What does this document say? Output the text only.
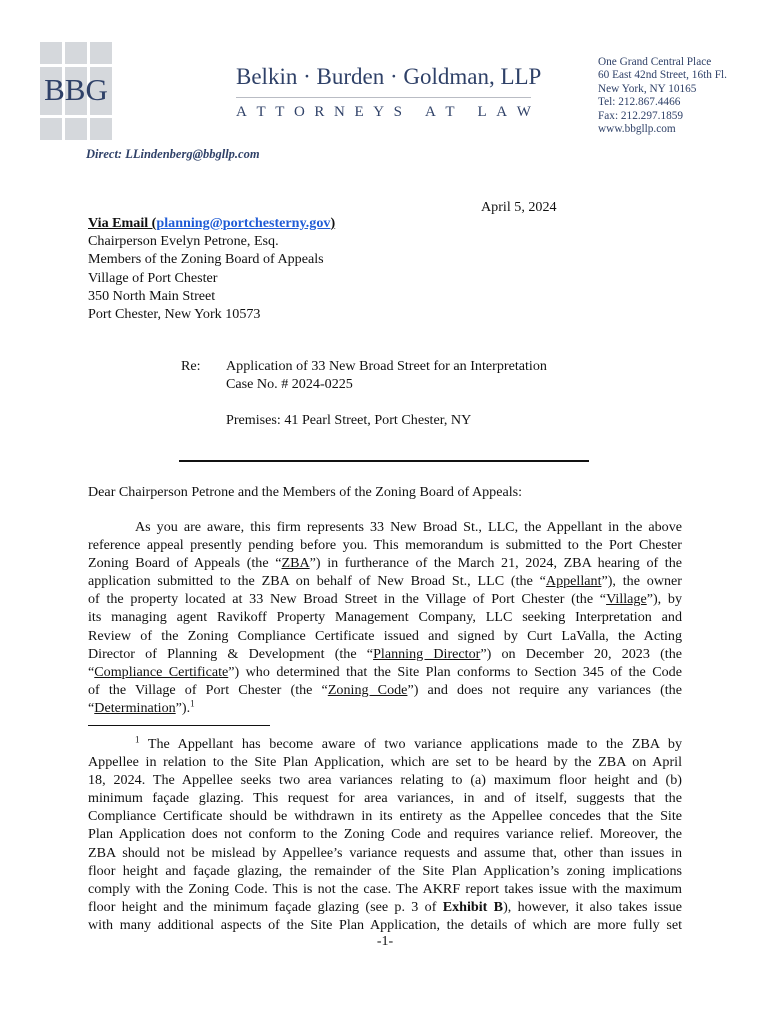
BBG	Belkin · Burden · Goldman, LLP
A T T O R N E Y S
A T
L A W
One Grand Central Place
60 East 42nd Street, 16th Fl.
New York, NY 10165
Tel: 212.867.4466
Fax: 212.297.1859
www.bbgllp.com
Direct: LLindenberg@bbgllp.com
April 5, 2024
Via Email (planning@portchesterny.gov)
Chairperson Evelyn Petrone, Esq.
Members of the Zoning Board of Appeals
Village of Port Chester
350 North Main Street
Port Chester, New York 10573
Re: Application of 33 New Broad Street for an Interpretation
Case No. # 2024-0225
Premises: 41 Pearl Street, Port Chester, NY
Dear Chairperson Petrone and the Members of the Zoning Board of Appeals:
As you are aware, this firm represents 33 New Broad St., LLC, the Appellant in the above
reference appeal presently pending before you. This memorandum is submitted to the Port Chester
Zoning Board of Appeals (the “ZBA”) in furtherance of the March 21, 2024, ZBA hearing of the
application submitted to the ZBA on behalf of New Broad St., LLC (the “Appellant”), the owner
of the property located at 33 New Broad Street in the Village of Port Chester (the “Village”), by
its managing agent Ravikoff Property Management Company, LLC seeking Interpretation and
Review of the Zoning Compliance Certificate issued and signed by Curt LaValla, the Acting
Director of Planning & Development (the “Planning Director”) on December 20, 2023 (the
“Compliance Certificate”) who determined that the Site Plan conforms to Section 345 of the Code
of the Village of Port Chester (the “Zoning Code”) and does not require any variances (the
“Determination”).$^1$
$^1$ The Appellant has become aware of two variance applications made to the ZBA by
Appellee in relation to the Site Plan Application, which are set to be heard by the ZBA on April
18, 2024. The Appellee seeks two area variances relating to (a) maximum floor height and (b)
minimum façade glazing. This request for area variances, in and of itself, suggests that the
Compliance Certificate should be withdrawn in its entirety as the Appellee concedes that the Site
Plan Application does not conform to the Zoning Code and requires variance relief. Moreover, the
ZBA should not be mislead by Appellee’s variance requests and assume that, other than issues in
floor height and façade glazing, the remainder of the Site Plan Application’s zoning implications
comply with the Zoning Code. This is not the case. The AKRF report takes issue with the maximum
floor height and the minimum façade glazing (see p. 3 of Exhibit B), however, it also takes issue
with many additional aspects of the Site Plan Application, the details of which are more fully set
-1-
